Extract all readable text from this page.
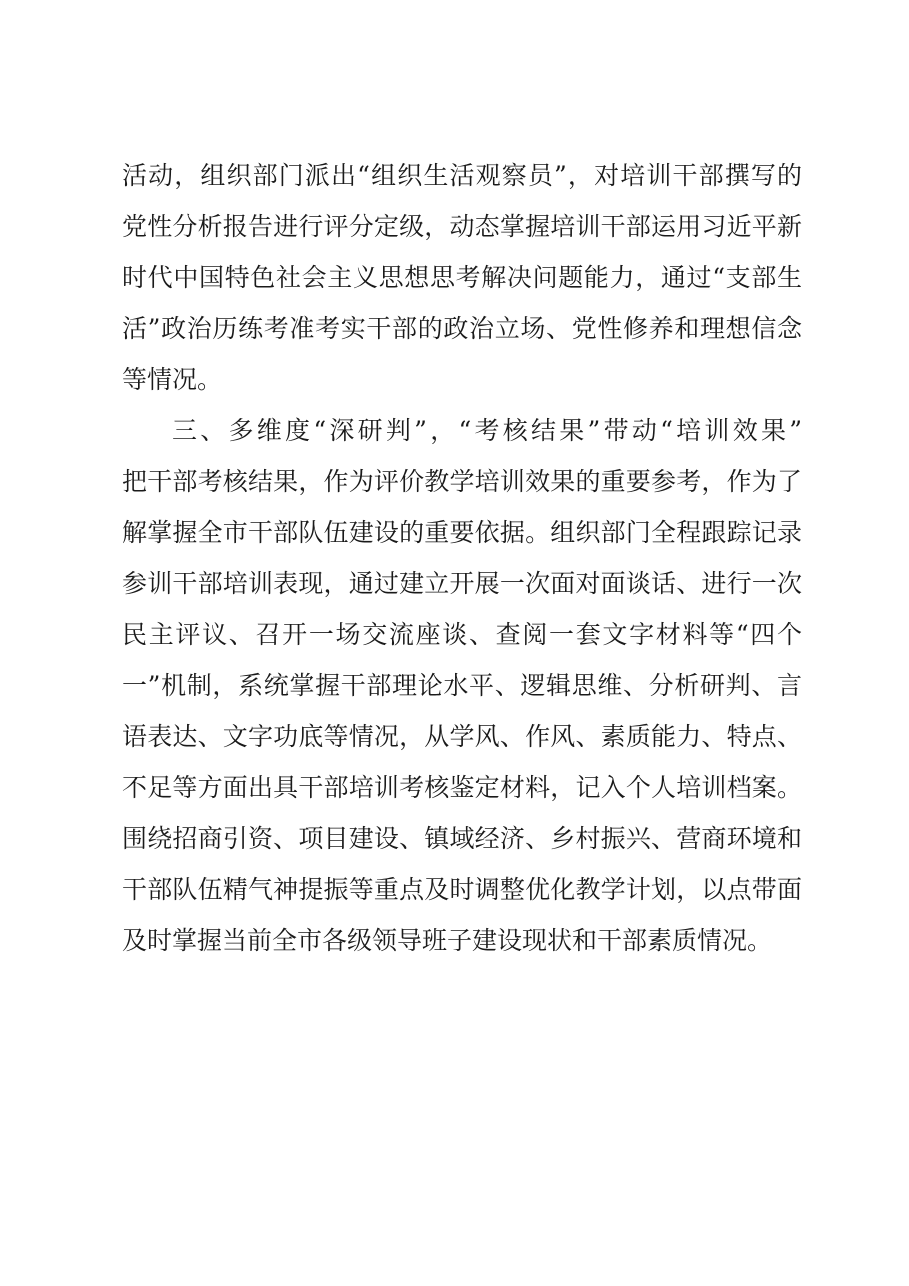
活动，组织部门派出“组织生活观察员”，对培训干部撰写的
党性分析报告进行评分定级，动态掌握培训干部运用习近平新
时代中国特色社会主义思想思考解决问题能力，通过“支部生
活”政治历练考准考实干部的政治立场、党性修养和理想信念
等情况。
三、多维度“深研判”，“考核结果”带动“培训效果”
把干部考核结果，作为评价教学培训效果的重要参考，作为了
解掌握全市干部队伍建设的重要依据。组织部门全程跟踪记录
参训干部培训表现，通过建立开展一次面对面谈话、进行一次
民主评议、召开一场交流座谈、查阅一套文字材料等“四个
一”机制，系统掌握干部理论水平、逻辑思维、分析研判、言
语表达、文字功底等情况，从学风、作风、素质能力、特点、
不足等方面出具干部培训考核鉴定材料，记入个人培训档案。
围绕招商引资、项目建设、镇域经济、乡村振兴、营商环境和
干部队伍精气神提振等重点及时调整优化教学计划，以点带面
及时掌握当前全市各级领导班子建设现状和干部素质情况。
